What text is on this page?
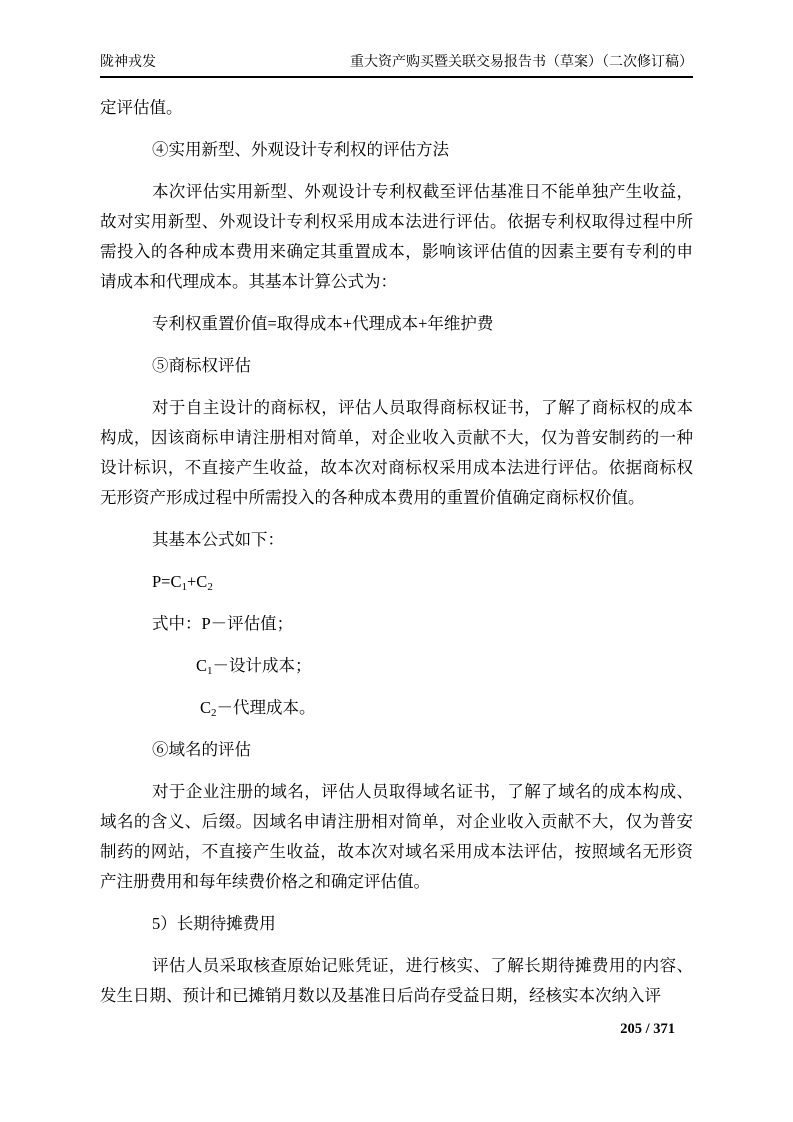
陇神戎发	重大资产购买暨关联交易报告书（草案）（二次修订稿）

定评估值。

④实用新型、外观设计专利权的评估方法

本次评估实用新型、外观设计专利权截至评估基准日不能单独产生收益，故对实用新型、外观设计专利权采用成本法进行评估。依据专利权取得过程中所需投入的各种成本费用来确定其重置成本，影响该评估值的因素主要有专利的申请成本和代理成本。其基本计算公式为：

专利权重置价值=取得成本+代理成本+年维护费

⑤商标权评估

对于自主设计的商标权，评估人员取得商标权证书，了解了商标权的成本构成，因该商标申请注册相对简单，对企业收入贡献不大，仅为普安制药的一种设计标识，不直接产生收益，故本次对商标权采用成本法进行评估。依据商标权无形资产形成过程中所需投入的各种成本费用的重置价值确定商标权价值。

其基本公式如下：

P=C1+C2

式中：P－评估值；

C1－设计成本；

C2－代理成本。

⑥域名的评估

对于企业注册的域名，评估人员取得域名证书，了解了域名的成本构成、域名的含义、后缀。因域名申请注册相对简单，对企业收入贡献不大，仅为普安制药的网站，不直接产生收益，故本次对域名采用成本法评估，按照域名无形资产注册费用和每年续费价格之和确定评估值。

5）长期待摊费用

评估人员采取核查原始记账凭证，进行核实、了解长期待摊费用的内容、发生日期、预计和已摊销月数以及基准日后尚存受益日期，经核实本次纳入评

205 / 371
